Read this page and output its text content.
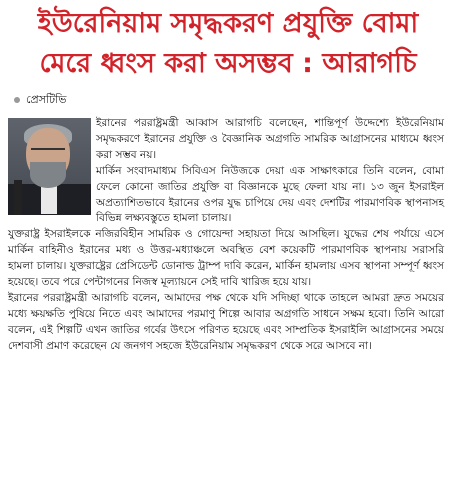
ইউরেনিয়াম সমৃদ্ধকরণ প্রযুক্তি বোমা
মেরে ধ্বংস করা অসম্ভব : আরাগচি
প্রেসটিভি

ইরানের পররাষ্ট্রমন্ত্রী আব্বাস আরাগচি বলেছেন, শান্তিপূর্ণ উদ্দেশ্যে ইউরেনিয়াম সমৃদ্ধকরণে ইরানের প্রযুক্তি ও বৈজ্ঞানিক অগ্রগতি সামরিক আগ্রাসনের মাধ্যমে ধ্বংস করা সম্ভব নয়।

মার্কিন সংবাদমাধ্যম সিবিএস নিউজকে দেয়া এক সাক্ষাৎকারে তিনি বলেন, বোমা ফেলে কোনো জাতির প্রযুক্তি বা বিজ্ঞানকে মুছে ফেলা যায় না। ১৩ জুন ইসরাইল অপ্রত্যাশিতভাবে ইরানের ওপর যুদ্ধ চাপিয়ে দেয় এবং দেশটির পারমাণবিক স্থাপনাসহ বিভিন্ন লক্ষ্যবস্তুতে হামলা চালায়।

যুক্তরাষ্ট্র ইসরাইলকে নজিরবিহীন সামরিক ও গোয়েন্দা সহায়তা দিয়ে আসছিল। যুদ্ধের শেষ পর্যায়ে এসে মার্কিন বাহিনীও ইরানের মধ্য ও উত্তর-মধ্যাঞ্চলে অবস্থিত বেশ কয়েকটি পারমাণবিক স্থাপনায় সরাসরি হামলা চালায়। যুক্তরাষ্ট্রের প্রেসিডেন্ট ডোনাল্ড ট্রাম্প দাবি করেন, মার্কিন হামলায় এসব স্থাপনা সম্পূর্ণ ধ্বংস হয়েছে। তবে পরে পেন্টাগনের নিজস্ব মূল্যায়নে সেই দাবি খারিজ হয়ে যায়।

ইরানের পররাষ্ট্রমন্ত্রী আরাগচি বলেন, আমাদের পক্ষ থেকে যদি সদিচ্ছা থাকে তাহলে আমরা দ্রুত সময়ের মধ্যে ক্ষয়ক্ষতি পুষিয়ে নিতে এবং আমাদের পরমাণু শিল্পে আবার অগ্রগতি সাধনে সক্ষম হবো। তিনি আরো বলেন, এই শিল্পটি এখন জাতির গর্বের উৎসে পরিণত হয়েছে এবং সাম্প্রতিক ইসরাইলি আগ্রাসনের সময়ে দেশবাসী প্রমাণ করেছেন যে জনগণ সহজে ইউরেনিয়াম সমৃদ্ধকরণ থেকে সরে আসবে না।
